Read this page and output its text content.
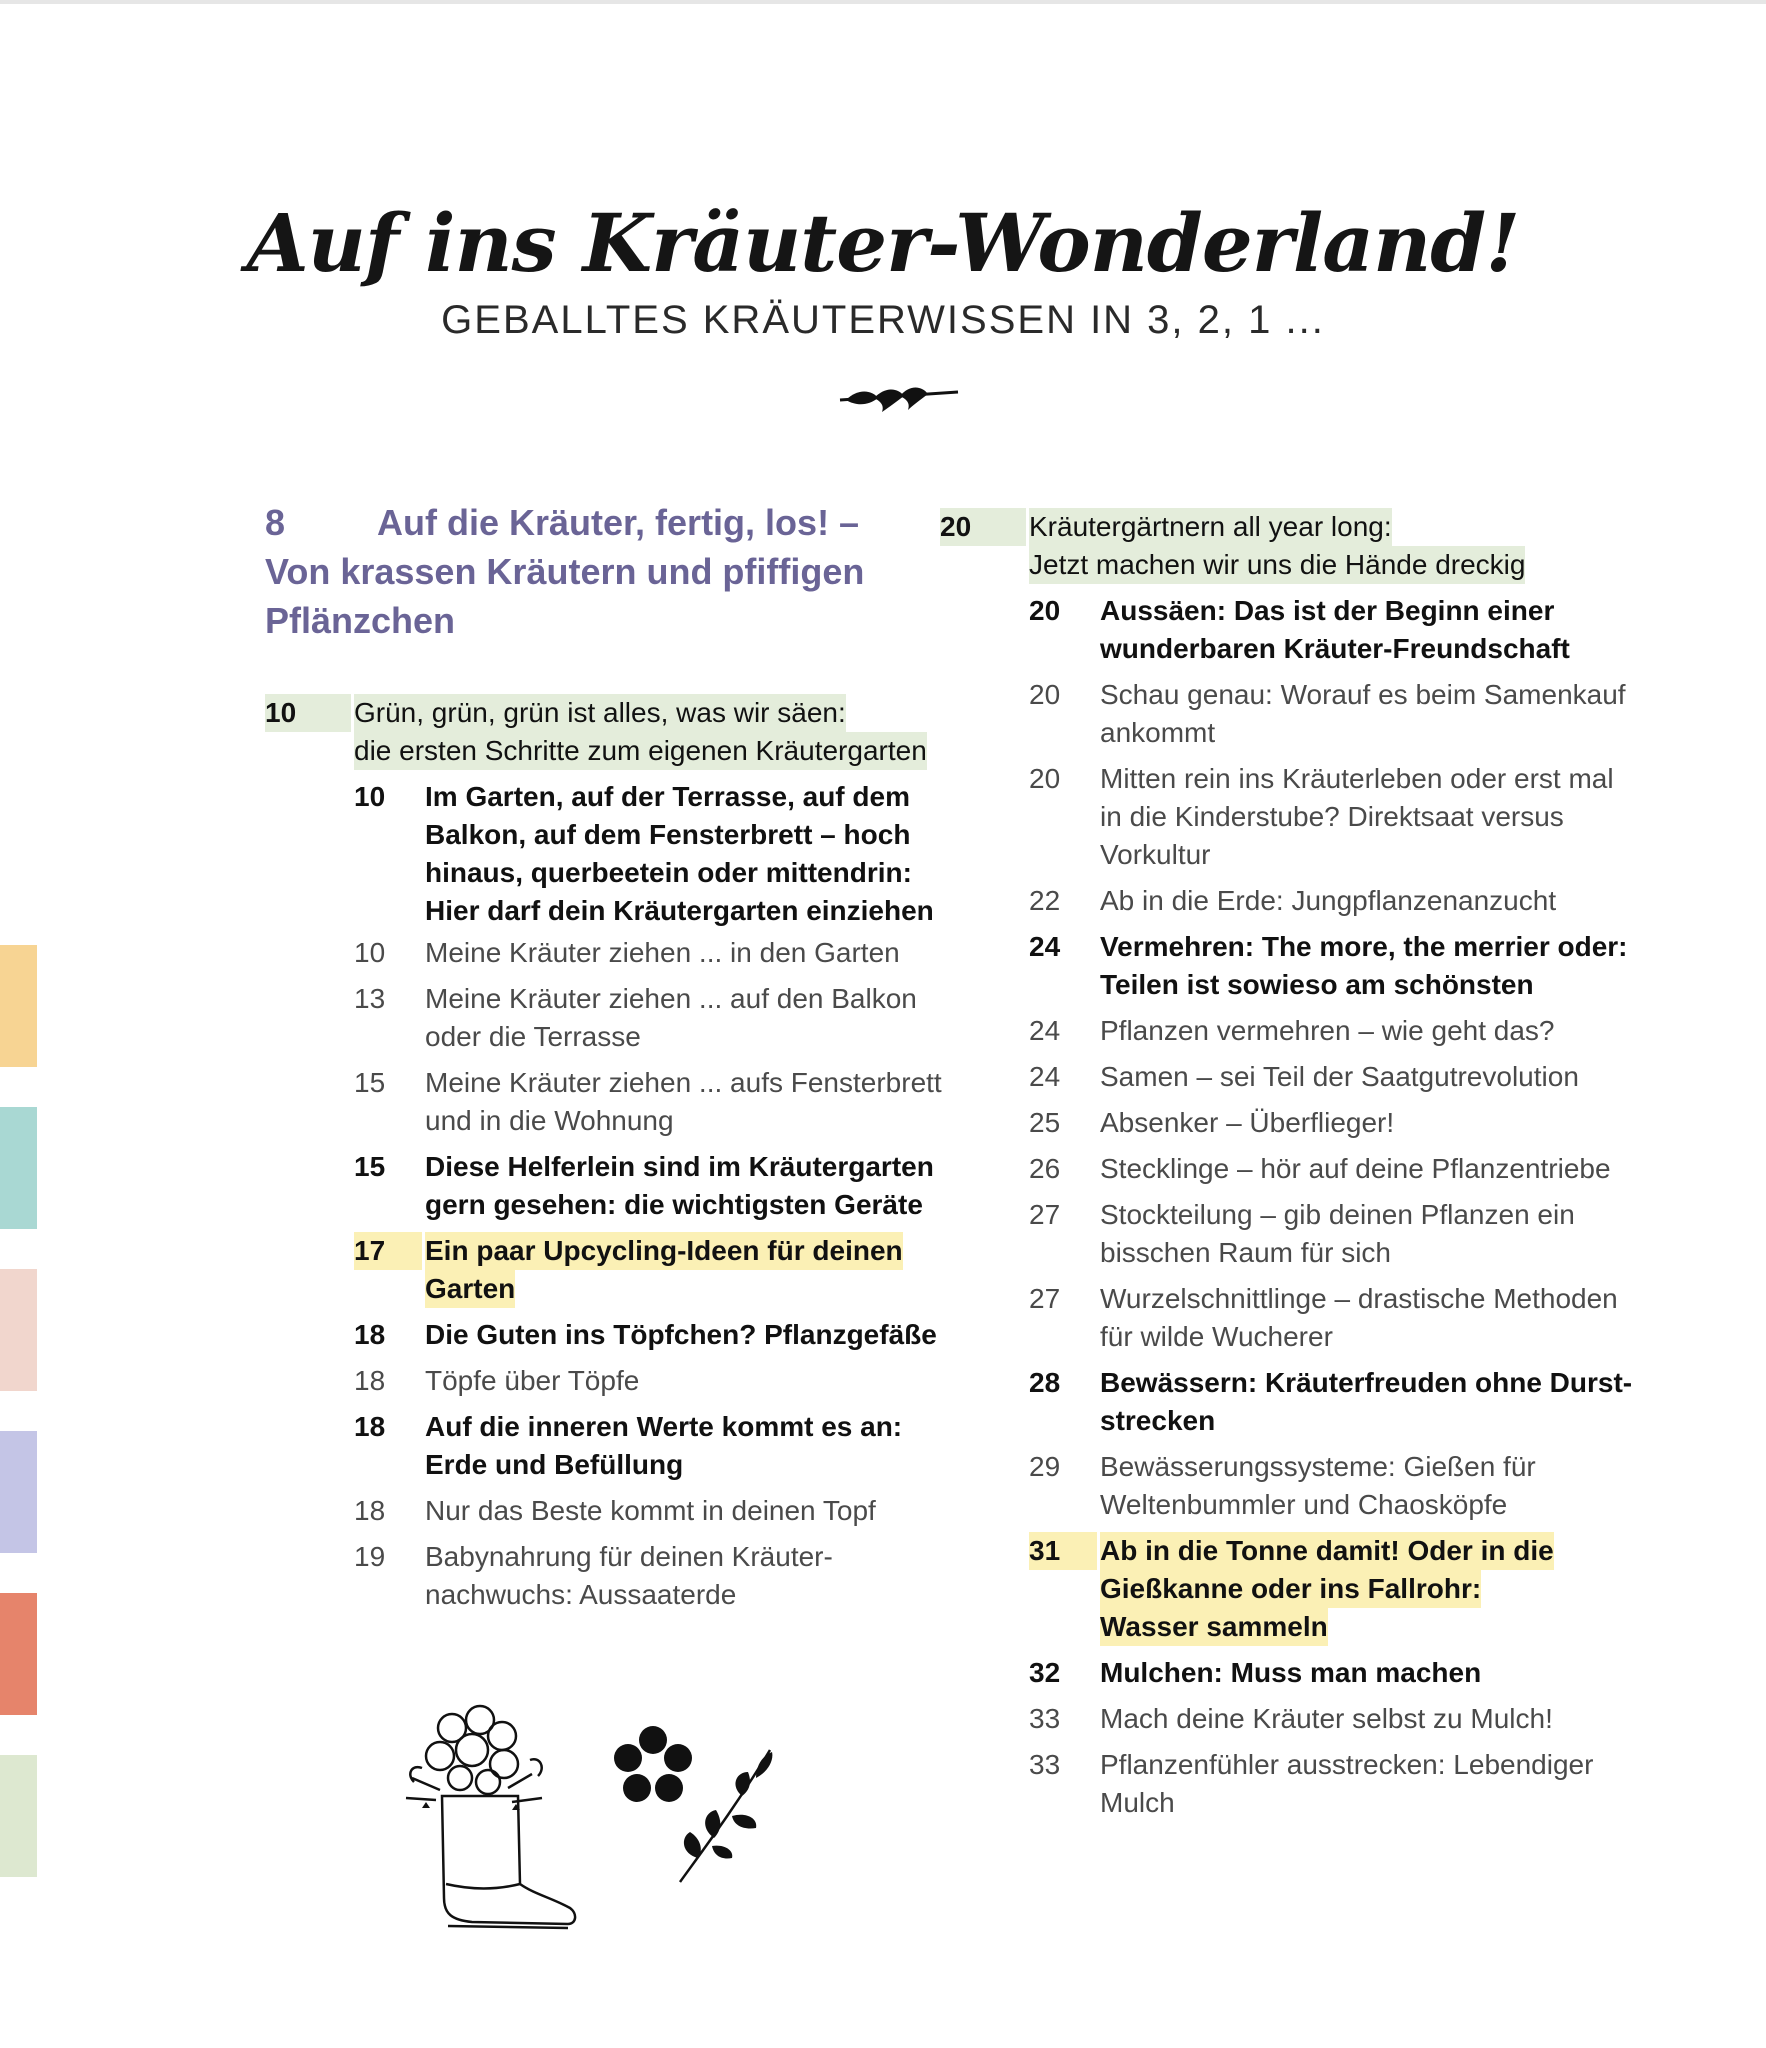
Auf ins Kräuter-Wonderland!
GEBALLTES KRÄUTERWISSEN IN 3, 2, 1 ...
8	Auf die Kräuter, fertig, los! –
Von krassen Kräutern und pfiffigen
Pflänzchen
10	Grün, grün, grün ist alles, was wir säen:
die ersten Schritte zum eigenen Kräutergarten
10 Im Garten, auf der Terrasse, auf dem
Balkon, auf dem Fensterbrett – hoch
hinaus, querbeetein oder mittendrin:
Hier darf dein Kräutergarten einziehen
10 Meine Kräuter ziehen ... in den Garten
13 Meine Kräuter ziehen ... auf den Balkon
oder die Terrasse
15 Meine Kräuter ziehen ... aufs Fensterbrett
und in die Wohnung
15 Diese Helferlein sind im Kräutergarten
gern gesehen: die wichtigsten Geräte
17	Ein paar Upcycling-Ideen für deinen
Garten
18 Die Guten ins Töpfchen? Pflanzgefäße
18 Töpfe über Töpfe
18 Auf die inneren Werte kommt es an:
Erde und Befüllung
18 Nur das Beste kommt in deinen Topf
19 Babynahrung für deinen Kräuter-
nachwuchs: Aussaaterde
20	Kräutergärtnern all year long:
Jetzt machen wir uns die Hände dreckig
20 Aussäen: Das ist der Beginn einer
wunderbaren Kräuter-Freundschaft
20 Schau genau: Worauf es beim Samenkauf
ankommt
20 Mitten rein ins Kräuterleben oder erst mal
in die Kinderstube? Direktsaat versus
Vorkultur
22 Ab in die Erde: Jungpflanzenanzucht
24 Vermehren: The more, the merrier oder:
Teilen ist sowieso am schönsten
24 Pflanzen vermehren – wie geht das?
24 Samen – sei Teil der Saatgutrevolution
25 Absenker – Überflieger!
26 Stecklinge – hör auf deine Pflanzentriebe
27 Stockteilung – gib deinen Pflanzen ein
bisschen Raum für sich
27 Wurzelschnittlinge – drastische Methoden
für wilde Wucherer
28 Bewässern: Kräuterfreuden ohne Durst-
strecken
29 Bewässerungssysteme: Gießen für
Weltenbummler und Chaosköpfe
31	Ab in die Tonne damit! Oder in die
Gießkanne oder ins Fallrohr:
Wasser sammeln
32 Mulchen: Muss man machen
33 Mach deine Kräuter selbst zu Mulch!
33 Pflanzenfühler ausstrecken: Lebendiger
Mulch
